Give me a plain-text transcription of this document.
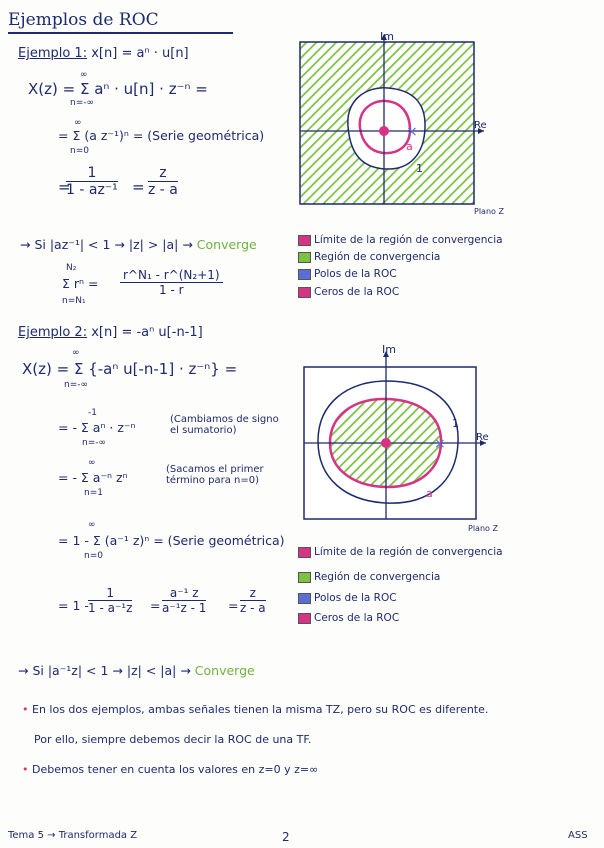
Ejemplos de ROC
Ejemplo 1: x[n] = aⁿ · u[n]
∞
X(z) = Σ aⁿ · u[n] · z⁻ⁿ =
n=-∞
∞
= Σ (a z⁻¹)ⁿ = (Serie geométrica)
n=0
=
$\frac{1}{\text{1 - az⁻¹}} = \frac{z}{z - a}$
→ Si |az⁻¹| < 1 → |z| > |a| → Converge
N₂
Σ rⁿ =
n=N₁
$\frac{\text{r\textasciicircum{}N₁ - r\textasciicircum{}(N₂+1)}}{1 - r}$
Ejemplo 2: x[n] = -aⁿ u[-n-1]
∞
X(z) = Σ {-aⁿ u[-n-1] · z⁻ⁿ} =
n=-∞
-1
= - Σ aⁿ · z⁻ⁿ
n=-∞
(Cambiamos de signo el sumatorio)
∞
= - Σ a⁻ⁿ zⁿ
n=1
(Sacamos el primer término para n=0)
∞
= 1 - Σ (a⁻¹ z)ⁿ = (Serie geométrica)
n=0
= $1 - \frac{1}{\text{1 - a⁻¹z}} = \frac{\text{a⁻¹ z}}{\text{a⁻¹z - 1}} = \frac{z}{z - a}$
→ Si |a⁻¹z| < 1 → |z| < |a| → Converge
• En los dos ejemplos, ambas señales tienen la misma TZ, pero su ROC es diferente.
Por ello, siempre debemos decir la ROC de una TF.
• Debemos tener en cuenta los valores en z=0 y z=∞
Tema 5 → Transformada Z	2	ASS
×
Im
Re
a
1
Plano Z
Límite de la región de convergencia
Región de convergencia
Polos de la ROC
Ceros de la ROC
×
Im
Re
a
1
Plano Z
Límite de la región de convergencia
Región de convergencia
Polos de la ROC
Ceros de la ROC
